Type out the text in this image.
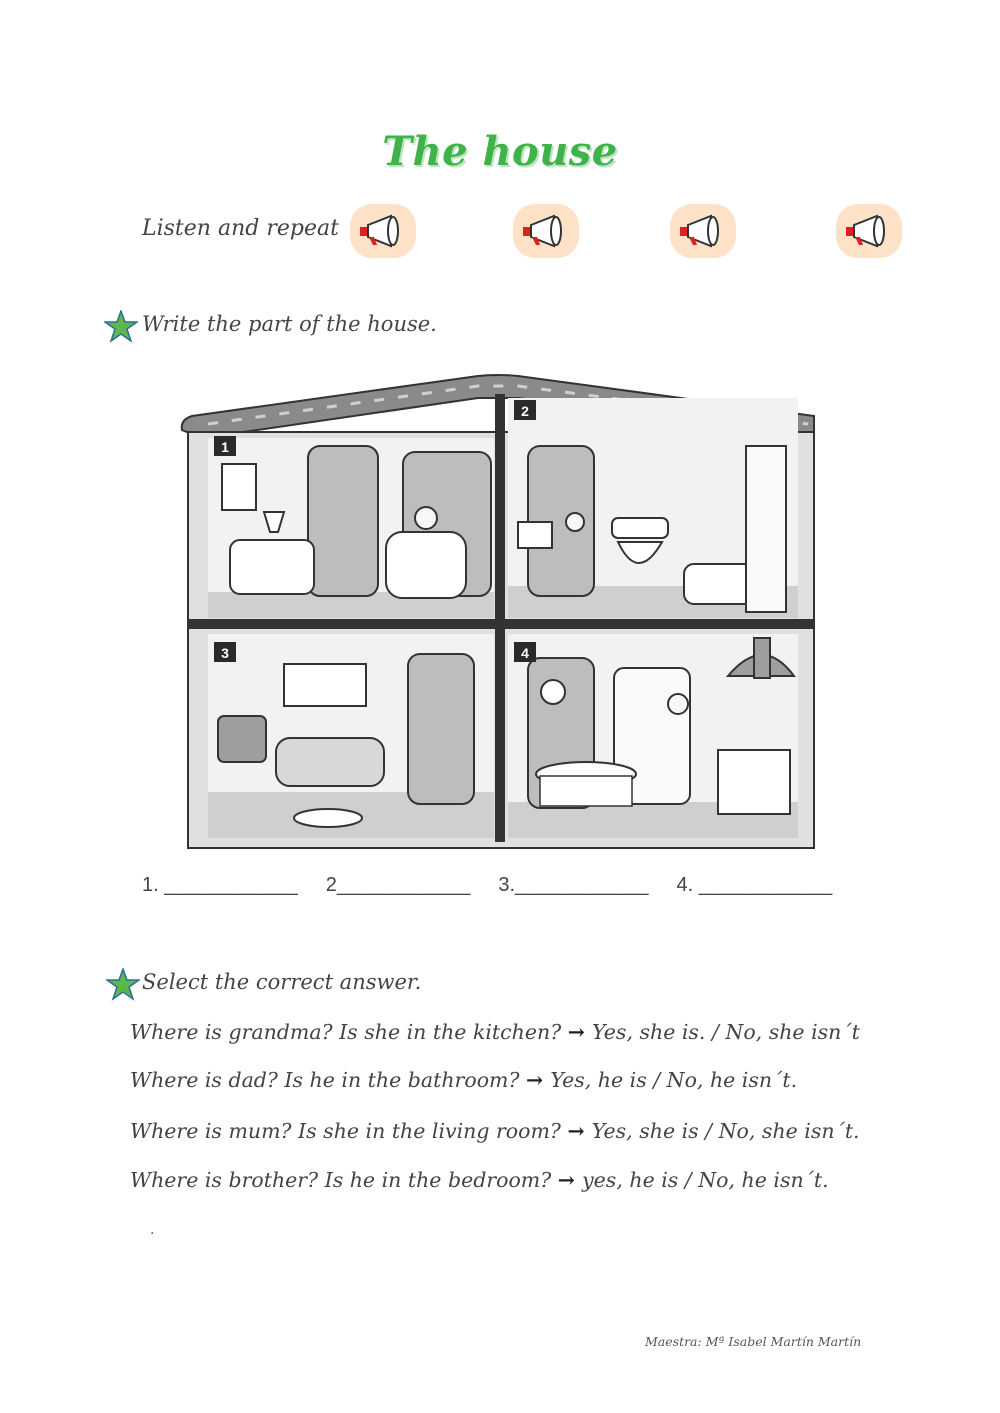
The house
Listen and repeat
Write the part of the house.
1
2
3	4
1. ____________ 2____________ 3.____________ 4. ____________
Select the correct answer.
Where is grandma? Is she in the kitchen? → Yes, she is. / No, she isn´t
Where is dad? Is he in the bathroom? → Yes, he is / No, he isn´t.
Where is mum? Is she in the living room? → Yes, she is / No, she isn´t.
Where is brother? Is he in the bedroom? → yes, he is / No, he isn´t.
.
Maestra: Mª Isabel Martín Martín
